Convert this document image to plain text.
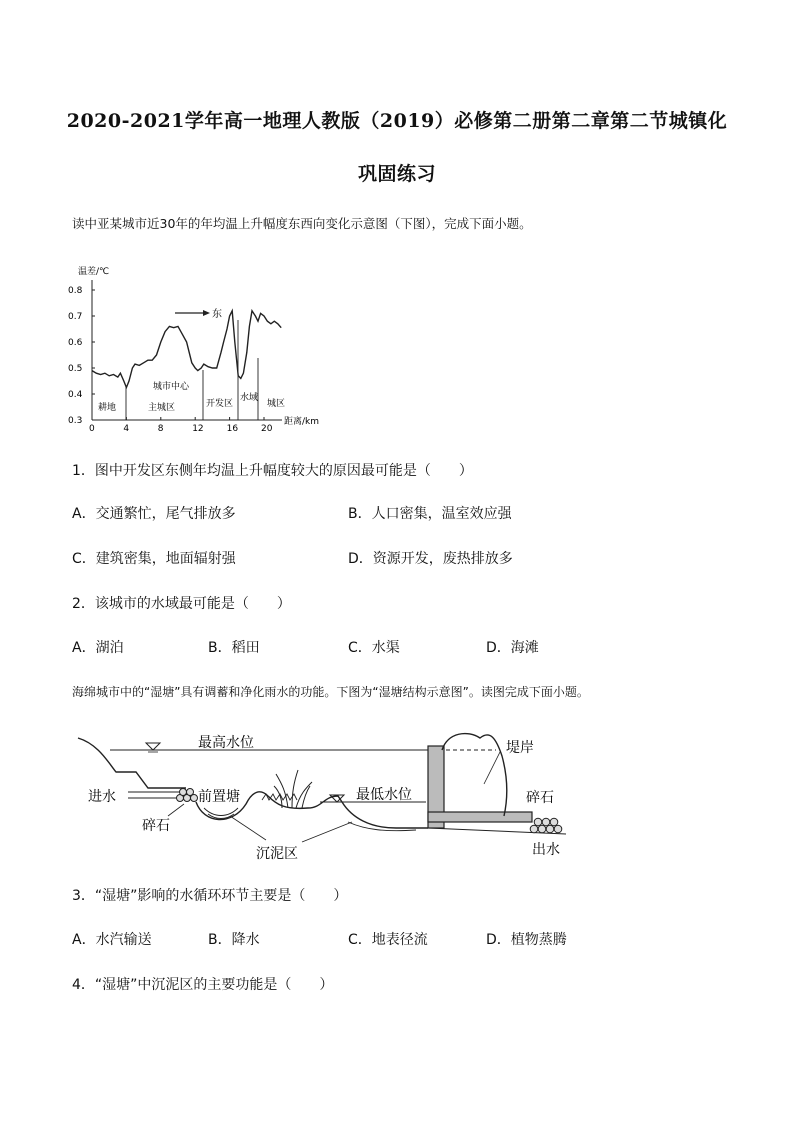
2020-2021学年高一地理人教版（2019）必修第二册第二章第二节城镇化
巩固练习
读中亚某城市近30年的年均温上升幅度东西向变化示意图（下图），完成下面小题。
温差/℃
0.8
0.7
0.6
0.5
0.4
0.3
0	4	8	12	16	20
距离/km
东
耕地	主城区
城市中心
开发区
水域
城区
1．图中开发区东侧年均温上升幅度较大的原因最可能是（　　）
A．交通繁忙，尾气排放多	B．人口密集，温室效应强
C．建筑密集，地面辐射强	D．资源开发，废热排放多
2．该城市的水域最可能是（　　）
A．湖泊	B．稻田	C．水渠	D．海滩
海绵城市中的“湿塘”具有调蓄和净化雨水的功能。下图为“湿塘结构示意图”。读图完成下面小题。
最高水位
进水
碎石
前置塘	最低水位
沉泥区
堤岸
碎石
出水
3．“湿塘”影响的水循环环节主要是（　　）
A．水汽输送	B．降水	C．地表径流	D．植物蒸腾
4．“湿塘”中沉泥区的主要功能是（　　）
